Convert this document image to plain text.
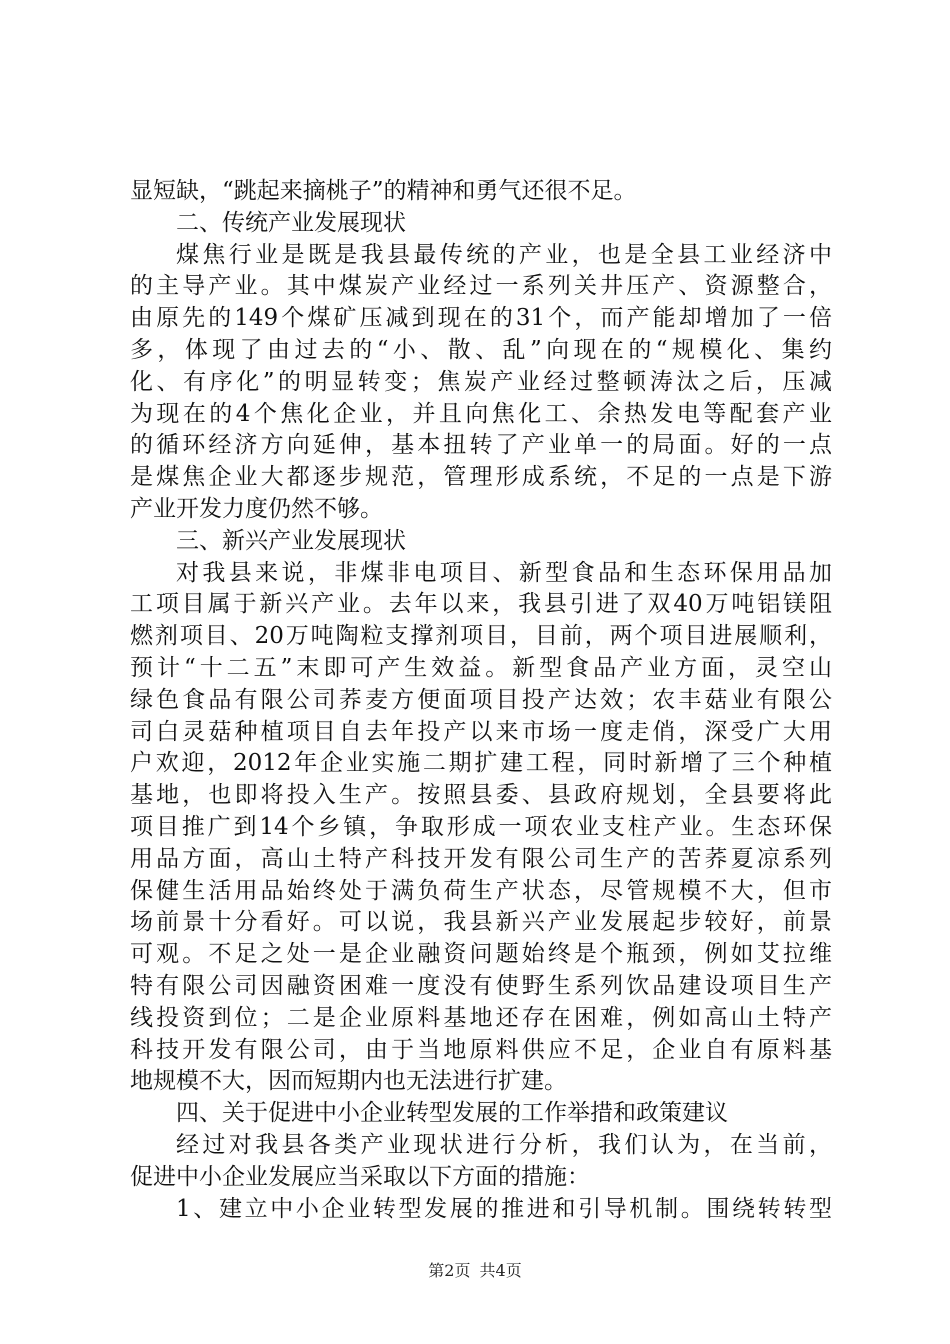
显短缺，“跳起来摘桃子”的精神和勇气还很不足。
二、传统产业发展现状
煤焦行业是既是我县最传统的产业，也是全县工业经济中
的主导产业。其中煤炭产业经过一系列关井压产、资源整合，
由原先的149个煤矿压减到现在的31个，而产能却增加了一倍
多，体现了由过去的“小、散、乱”向现在的“规模化、集约
化、有序化”的明显转变；焦炭产业经过整顿涛汰之后，压减
为现在的4个焦化企业，并且向焦化工、余热发电等配套产业
的循环经济方向延伸，基本扭转了产业单一的局面。好的一点
是煤焦企业大都逐步规范，管理形成系统，不足的一点是下游
产业开发力度仍然不够。
三、新兴产业发展现状
对我县来说，非煤非电项目、新型食品和生态环保用品加
工项目属于新兴产业。去年以来，我县引进了双40万吨铝镁阻
燃剂项目、20万吨陶粒支撑剂项目，目前，两个项目进展顺利，
预计“十二五”末即可产生效益。新型食品产业方面，灵空山
绿色食品有限公司荞麦方便面项目投产达效；农丰菇业有限公
司白灵菇种植项目自去年投产以来市场一度走俏，深受广大用
户欢迎，2012年企业实施二期扩建工程，同时新增了三个种植
基地，也即将投入生产。按照县委、县政府规划，全县要将此
项目推广到14个乡镇，争取形成一项农业支柱产业。生态环保
用品方面，高山土特产科技开发有限公司生产的苦荞夏凉系列
保健生活用品始终处于满负荷生产状态，尽管规模不大，但市
场前景十分看好。可以说，我县新兴产业发展起步较好，前景
可观。不足之处一是企业融资问题始终是个瓶颈，例如艾拉维
特有限公司因融资困难一度没有使野生系列饮品建设项目生产
线投资到位；二是企业原料基地还存在困难，例如高山土特产
科技开发有限公司，由于当地原料供应不足，企业自有原料基
地规模不大，因而短期内也无法进行扩建。
四、关于促进中小企业转型发展的工作举措和政策建议
经过对我县各类产业现状进行分析，我们认为，在当前，
促进中小企业发展应当采取以下方面的措施：
1、建立中小企业转型发展的推进和引导机制。围绕转转型
第2页 共4页
